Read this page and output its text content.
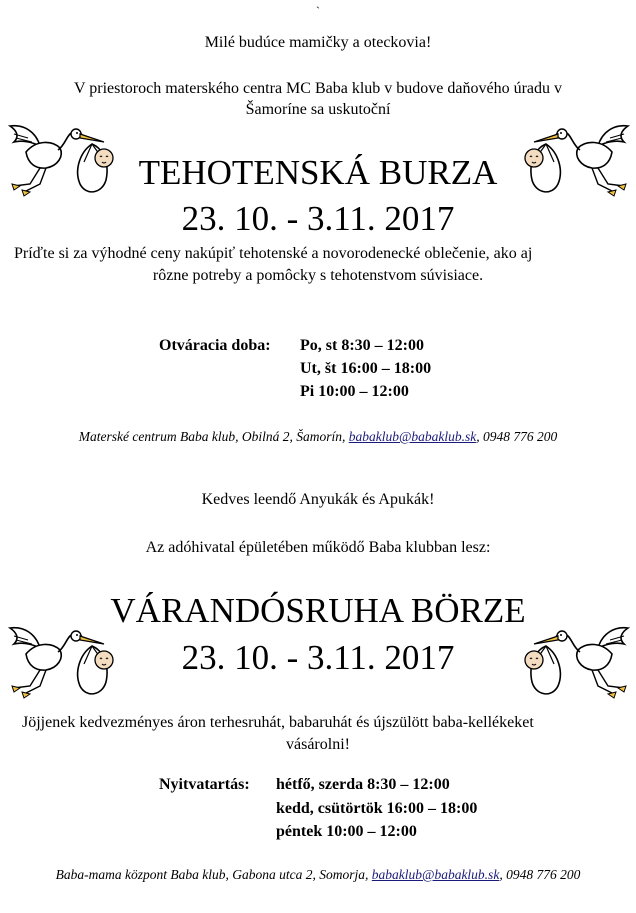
`
Milé budúce mamičky a oteckovia!
V priestoroch materského centra MC Baba klub v budove daňového úradu v
Šamoríne sa uskutoční
TEHOTENSKÁ BURZA
23. 10. - 3.11. 2017
Príďte si za výhodné ceny nakúpiť tehotenské a novorodenecké oblečenie, ako aj
rôzne potreby a pomôcky s tehotenstvom súvisiace.
Otváracia doba: Po, st 8:30 – 12:00
Ut, št 16:00 – 18:00
Pi 10:00 – 12:00
Materské centrum Baba klub, Obilná 2, Šamorín, babaklub@babaklub.sk, 0948 776 200
Kedves leendő Anyukák és Apukák!
Az adóhivatal épületében működő Baba klubban lesz:
VÁRANDÓSRUHA BÖRZE
23. 10. - 3.11. 2017
Jöjjenek kedvezményes áron terhesruhát, babaruhát és újszülött baba-kellékeket
vásárolni!
Nyitvatartás: hétfő, szerda 8:30 – 12:00
kedd, csütörtök 16:00 – 18:00
péntek 10:00 – 12:00
Baba-mama központ Baba klub, Gabona utca 2, Somorja, babaklub@babaklub.sk, 0948 776 200
